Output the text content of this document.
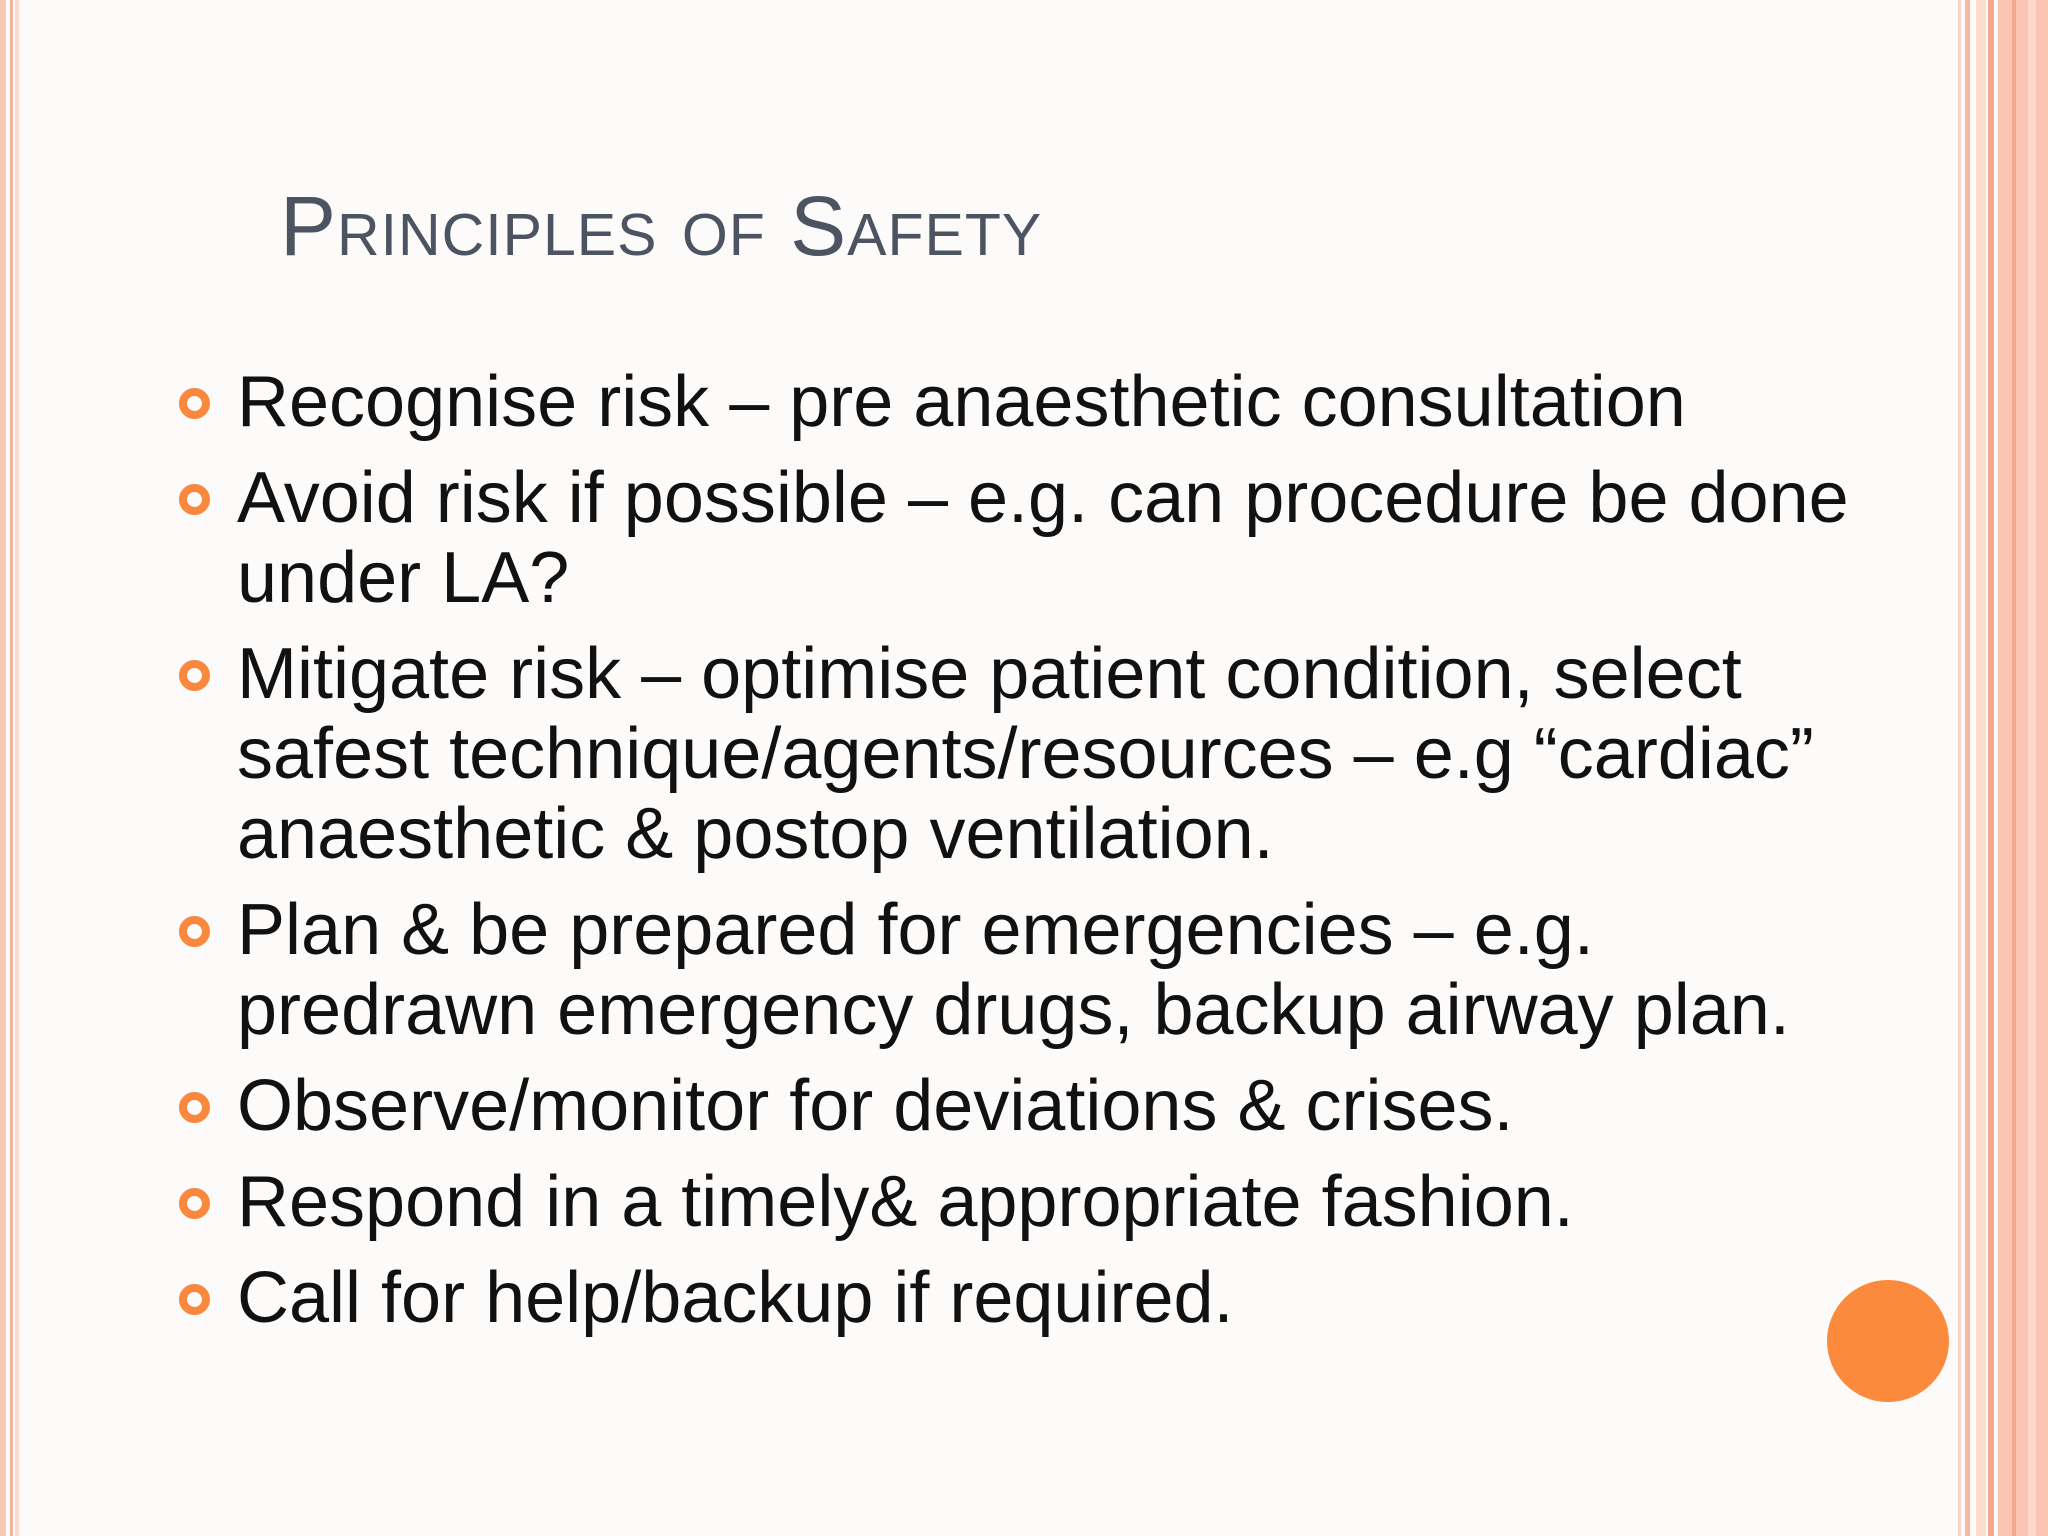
Principles of Safety
Recognise risk – pre anaesthetic consultation
Avoid risk if possible – e.g. can procedure be done under LA?
Mitigate risk – optimise patient condition, select safest technique/agents/resources – e.g “cardiac” anaesthetic & postop ventilation.
Plan & be prepared for emergencies – e.g. predrawn emergency drugs, backup airway plan.
Observe/monitor for deviations & crises.
Respond in a timely& appropriate fashion.
Call for help/backup if required.
